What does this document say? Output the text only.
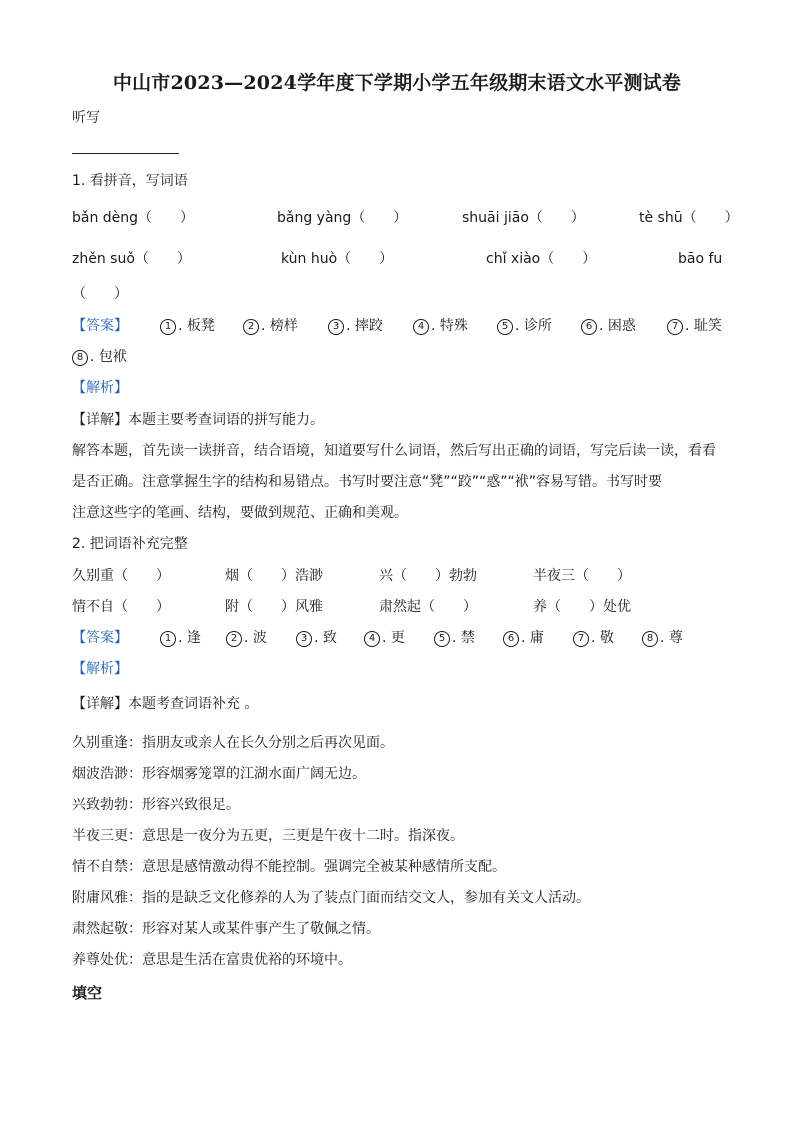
中山市2023—2024学年度下学期小学五年级期末语文水平测试卷
听写
1. 看拼音，写词语
bǎn dèng（　　）	bǎng yàng（　　）	shuāi jiāo（　　）	tè shū（　　）
zhěn suǒ（　　）	kùn huò（　　）	chǐ xiào（　　）	bāo fu
（　　）
【答案】	1 . 板凳	2 . 榜样	3 . 摔跤	4 . 特殊	5 . 诊所	6 . 困惑	7 . 耻笑
8 . 包袱
【解析】
【详解】本题主要考查词语的拼写能力。
解答本题，首先读一读拼音，结合语境，知道要写什么词语，然后写出正确的词语，写完后读一读，看看
是否正确。注意掌握生字的结构和易错点。书写时要注意“凳”“跤”“惑”“袱”容易写错。书写时要
注意这些字的笔画、结构，要做到规范、正确和美观。
2. 把词语补充完整
久别重（　　）	烟（　　）浩渺	兴（　　）勃勃	半夜三（　　）
情不自（　　）	附（　　）风雅	肃然起（　　）	养（　　）处优
【答案】	1 . 逢	2 . 波	3 . 致	4 . 更	5 . 禁	6 . 庸	7 . 敬	8 . 尊
【解析】
【详解】本题考查词语补充 。
久别重逢：指朋友或亲人在长久分别之后再次见面。
烟波浩渺：形容烟雾笼罩的江湖水面广阔无边。
兴致勃勃：形容兴致很足。
半夜三更：意思是一夜分为五更，三更是午夜十二时。指深夜。
情不自禁：意思是感情激动得不能控制。强调完全被某种感情所支配。
附庸风雅：指的是缺乏文化修养的人为了装点门面而结交文人，参加有关文人活动。
肃然起敬：形容对某人或某件事产生了敬佩之情。
养尊处优：意思是生活在富贵优裕的环境中。
填空
